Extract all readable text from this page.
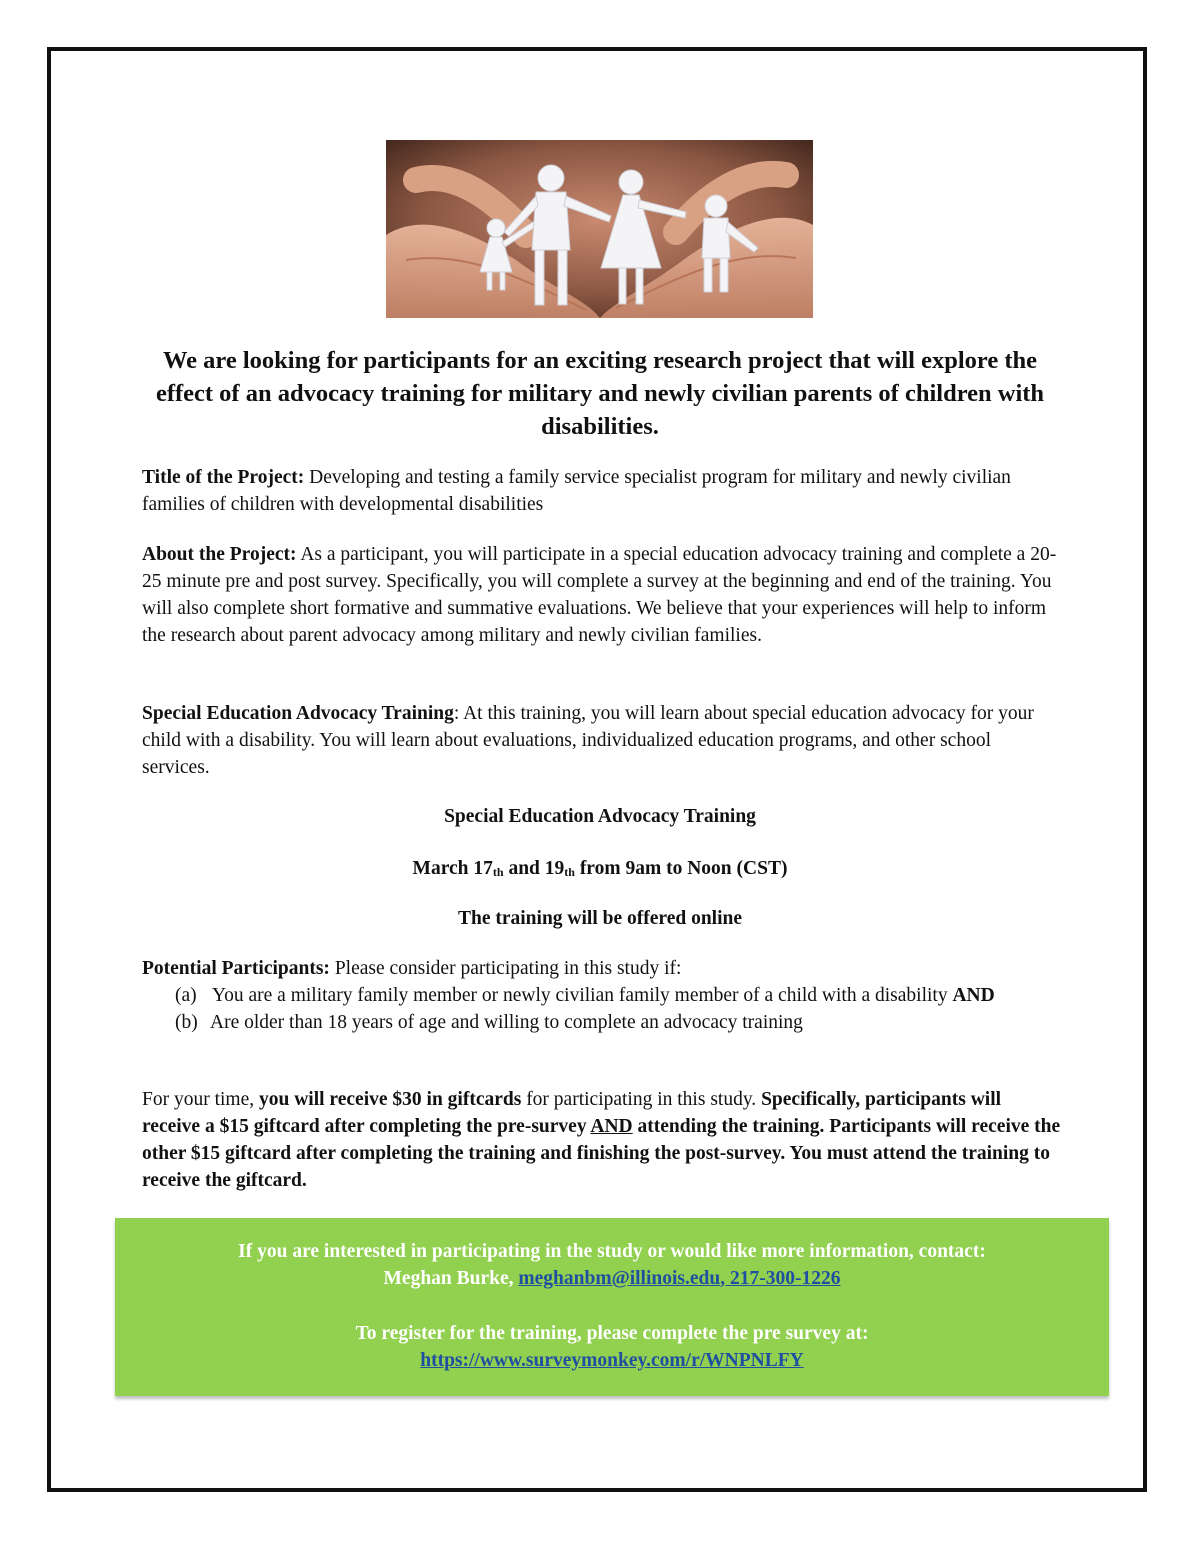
We are looking for participants for an exciting research project that will explore the effect of an advocacy training for military and newly civilian parents of children with disabilities.
Title of the Project: Developing and testing a family service specialist program for military and newly civilian families of children with developmental disabilities
About the Project: As a participant, you will participate in a special education advocacy training and complete a 20-25 minute pre and post survey. Specifically, you will complete a survey at the beginning and end of the training. You will also complete short formative and summative evaluations. We believe that your experiences will help to inform the research about parent advocacy among military and newly civilian families.
Special Education Advocacy Training: At this training, you will learn about special education advocacy for your child with a disability. You will learn about evaluations, individualized education programs, and other school services.
Special Education Advocacy Training
March $17_{th}$ and $19_{th}$ from 9am to Noon (CST)
The training will be offered online
Potential Participants: Please consider participating in this study if:
(a) You are a military family member or newly civilian family member of a child with a disability AND
(b) Are older than 18 years of age and willing to complete an advocacy training
For your time, you will receive $30 in giftcards for participating in this study. Specifically, participants will receive a $15 giftcard after completing the pre-survey AND attending the training. Participants will receive the other $15 giftcard after completing the training and finishing the post-survey. You must attend the training to receive the giftcard.
If you are interested in participating in the study or would like more information, contact:
Meghan Burke, meghanbm@illinois.edu, 217-300-1226
To register for the training, please complete the pre survey at:
https://www.surveymonkey.com/r/WNPNLFY
